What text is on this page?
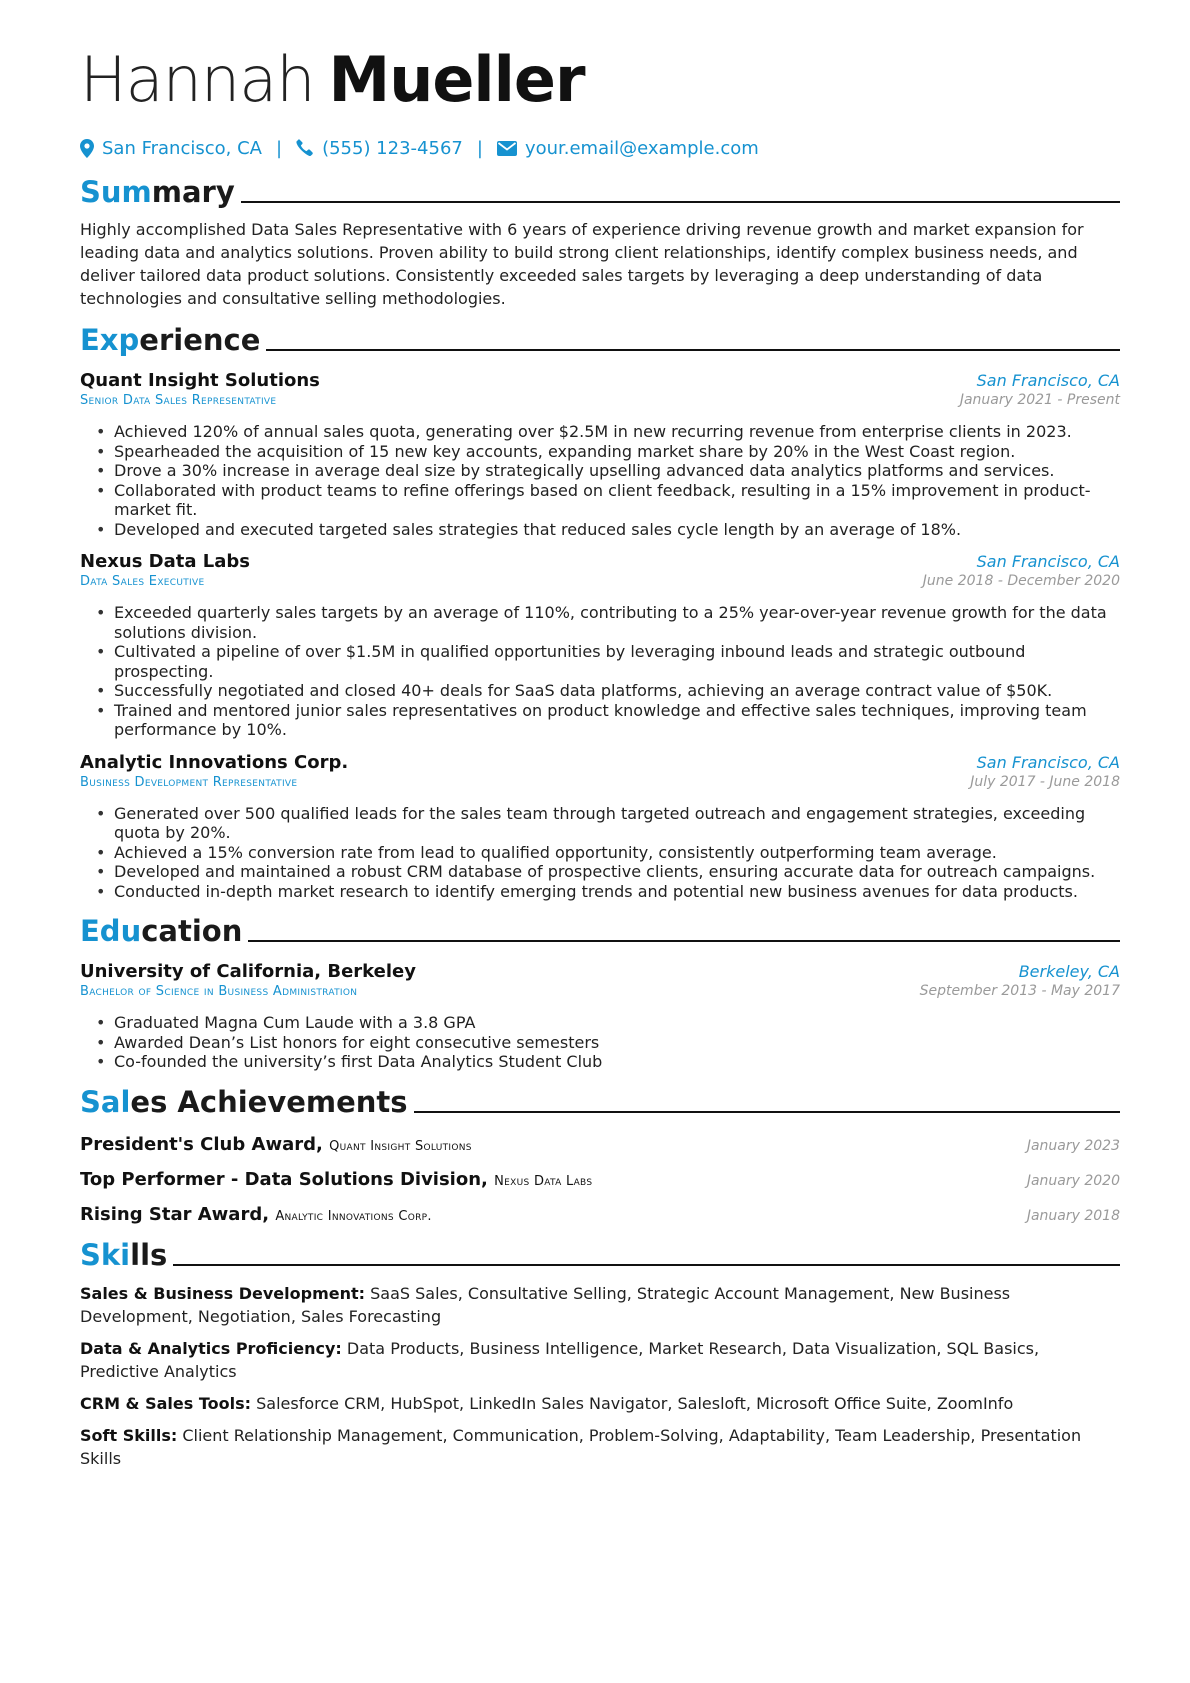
Hannah Mueller
San Francisco, CA | (555) 123-4567 | your.email@example.com
Summary
Highly accomplished Data Sales Representative with 6 years of experience driving revenue growth and market expansion for leading data and analytics solutions. Proven ability to build strong client relationships, identify complex business needs, and deliver tailored data product solutions. Consistently exceeded sales targets by leveraging a deep understanding of data technologies and consultative selling methodologies.
Experience
Quant Insight Solutions	San Francisco, CA
Senior Data Sales Representative	January 2021 - Present
• Achieved 120% of annual sales quota, generating over $2.5M in new recurring revenue from enterprise clients in 2023.
• Spearheaded the acquisition of 15 new key accounts, expanding market share by 20% in the West Coast region.
• Drove a 30% increase in average deal size by strategically upselling advanced data analytics platforms and services.
• Collaborated with product teams to refine offerings based on client feedback, resulting in a 15% improvement in product-market fit.
• Developed and executed targeted sales strategies that reduced sales cycle length by an average of 18%.
Nexus Data Labs	San Francisco, CA
Data Sales Executive	June 2018 - December 2020
• Exceeded quarterly sales targets by an average of 110%, contributing to a 25% year-over-year revenue growth for the data solutions division.
• Cultivated a pipeline of over $1.5M in qualified opportunities by leveraging inbound leads and strategic outbound prospecting.
• Successfully negotiated and closed 40+ deals for SaaS data platforms, achieving an average contract value of $50K.
• Trained and mentored junior sales representatives on product knowledge and effective sales techniques, improving team performance by 10%.
Analytic Innovations Corp.	San Francisco, CA
Business Development Representative	July 2017 - June 2018
• Generated over 500 qualified leads for the sales team through targeted outreach and engagement strategies, exceeding quota by 20%.
• Achieved a 15% conversion rate from lead to qualified opportunity, consistently outperforming team average.
• Developed and maintained a robust CRM database of prospective clients, ensuring accurate data for outreach campaigns.
• Conducted in-depth market research to identify emerging trends and potential new business avenues for data products.
Education
University of California, Berkeley	Berkeley, CA
Bachelor of Science in Business Administration	September 2013 - May 2017
• Graduated Magna Cum Laude with a 3.8 GPA
• Awarded Dean’s List honors for eight consecutive semesters
• Co-founded the university’s first Data Analytics Student Club
Sales Achievements
President's Club Award, Quant Insight Solutions	January 2023
Top Performer - Data Solutions Division, Nexus Data Labs	January 2020
Rising Star Award, Analytic Innovations Corp.	January 2018
Skills
Sales & Business Development: SaaS Sales, Consultative Selling, Strategic Account Management, New Business Development, Negotiation, Sales Forecasting
Data & Analytics Proficiency: Data Products, Business Intelligence, Market Research, Data Visualization, SQL Basics, Predictive Analytics
CRM & Sales Tools: Salesforce CRM, HubSpot, LinkedIn Sales Navigator, Salesloft, Microsoft Office Suite, ZoomInfo
Soft Skills: Client Relationship Management, Communication, Problem-Solving, Adaptability, Team Leadership, Presentation Skills
